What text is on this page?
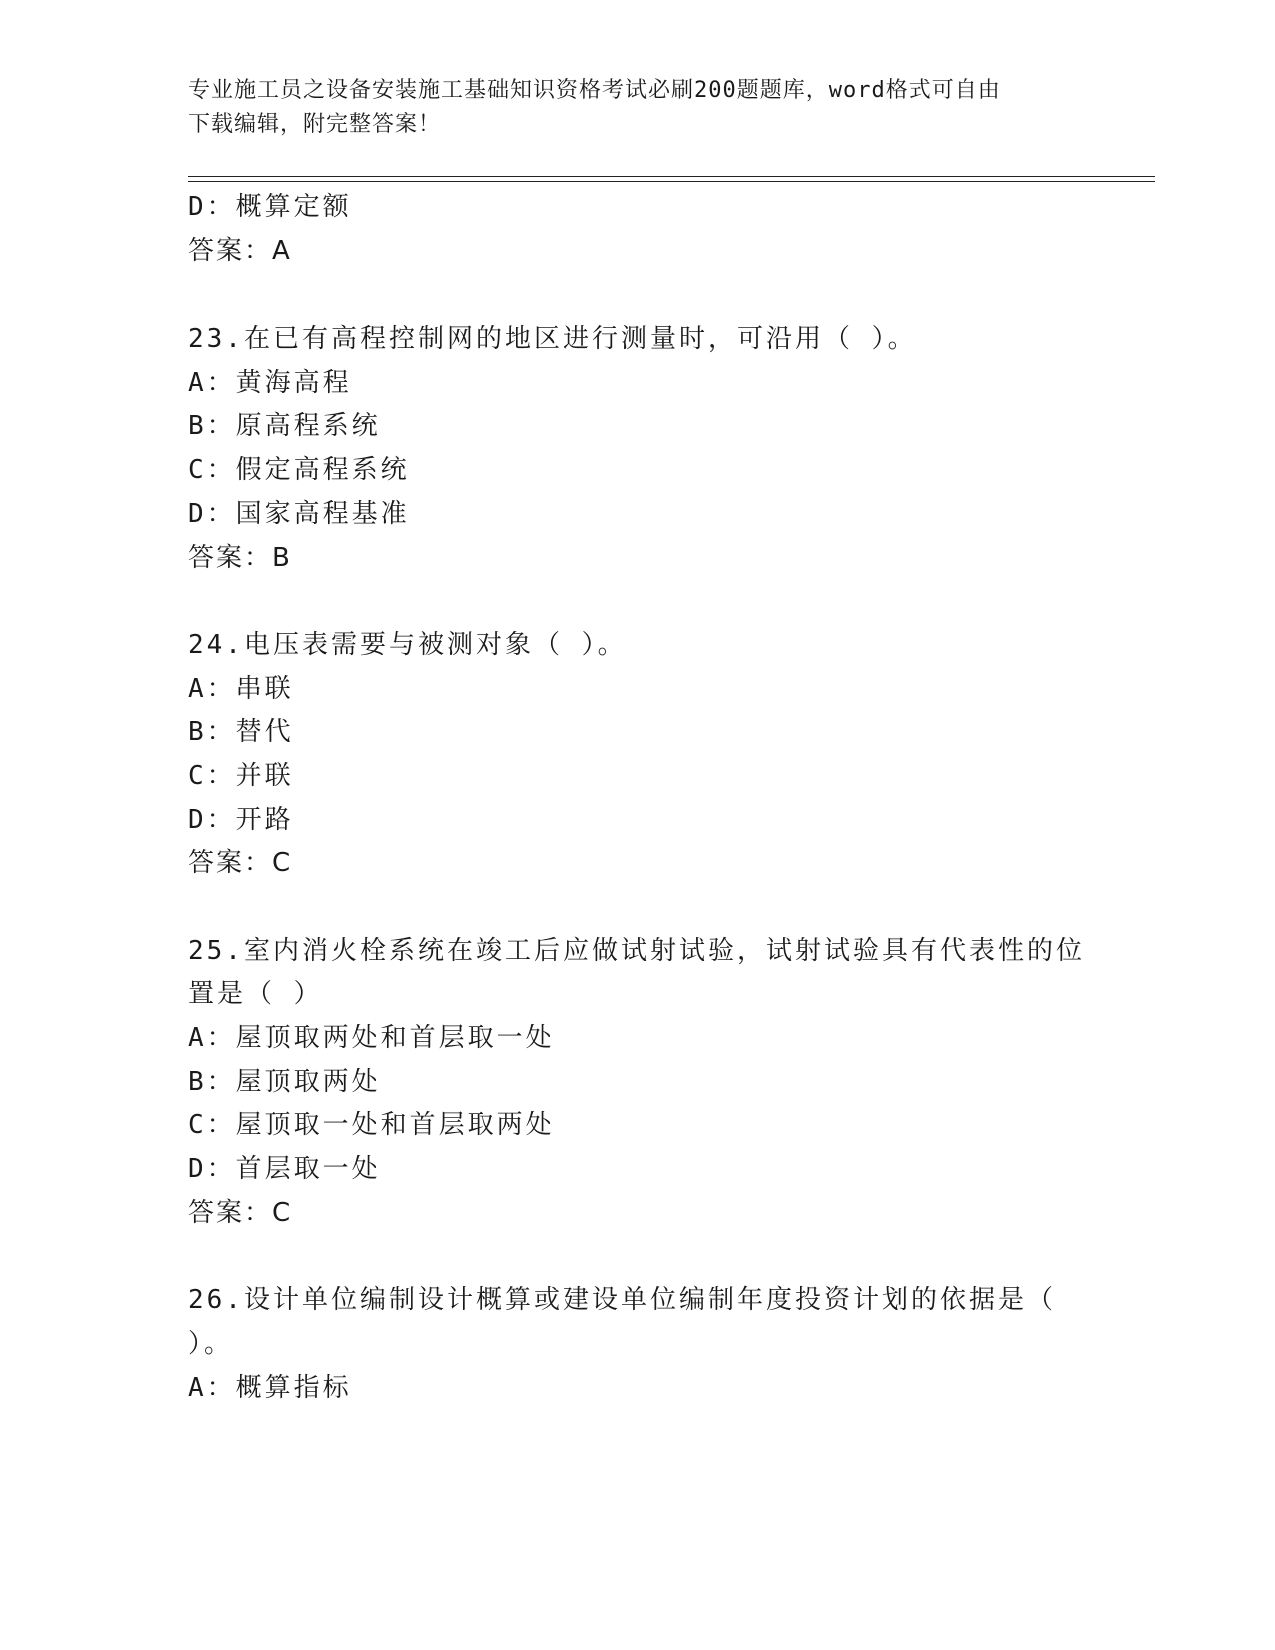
专业施工员之设备安装施工基础知识资格考试必刷200题题库，word格式可自由
下载编辑，附完整答案！
D：概算定额
答案：A
23.在已有高程控制网的地区进行测量时，可沿用（ ）。
A：黄海高程
B：原高程系统
C：假定高程系统
D：国家高程基准
答案：B
24.电压表需要与被测对象（ ）。
A：串联
B：替代
C：并联
D：开路
答案：C
25.室内消火栓系统在竣工后应做试射试验，试射试验具有代表性的位
置是（ ）
A：屋顶取两处和首层取一处
B：屋顶取两处
C：屋顶取一处和首层取两处
D：首层取一处
答案：C
26.设计单位编制设计概算或建设单位编制年度投资计划的依据是（
）。
A：概算指标
